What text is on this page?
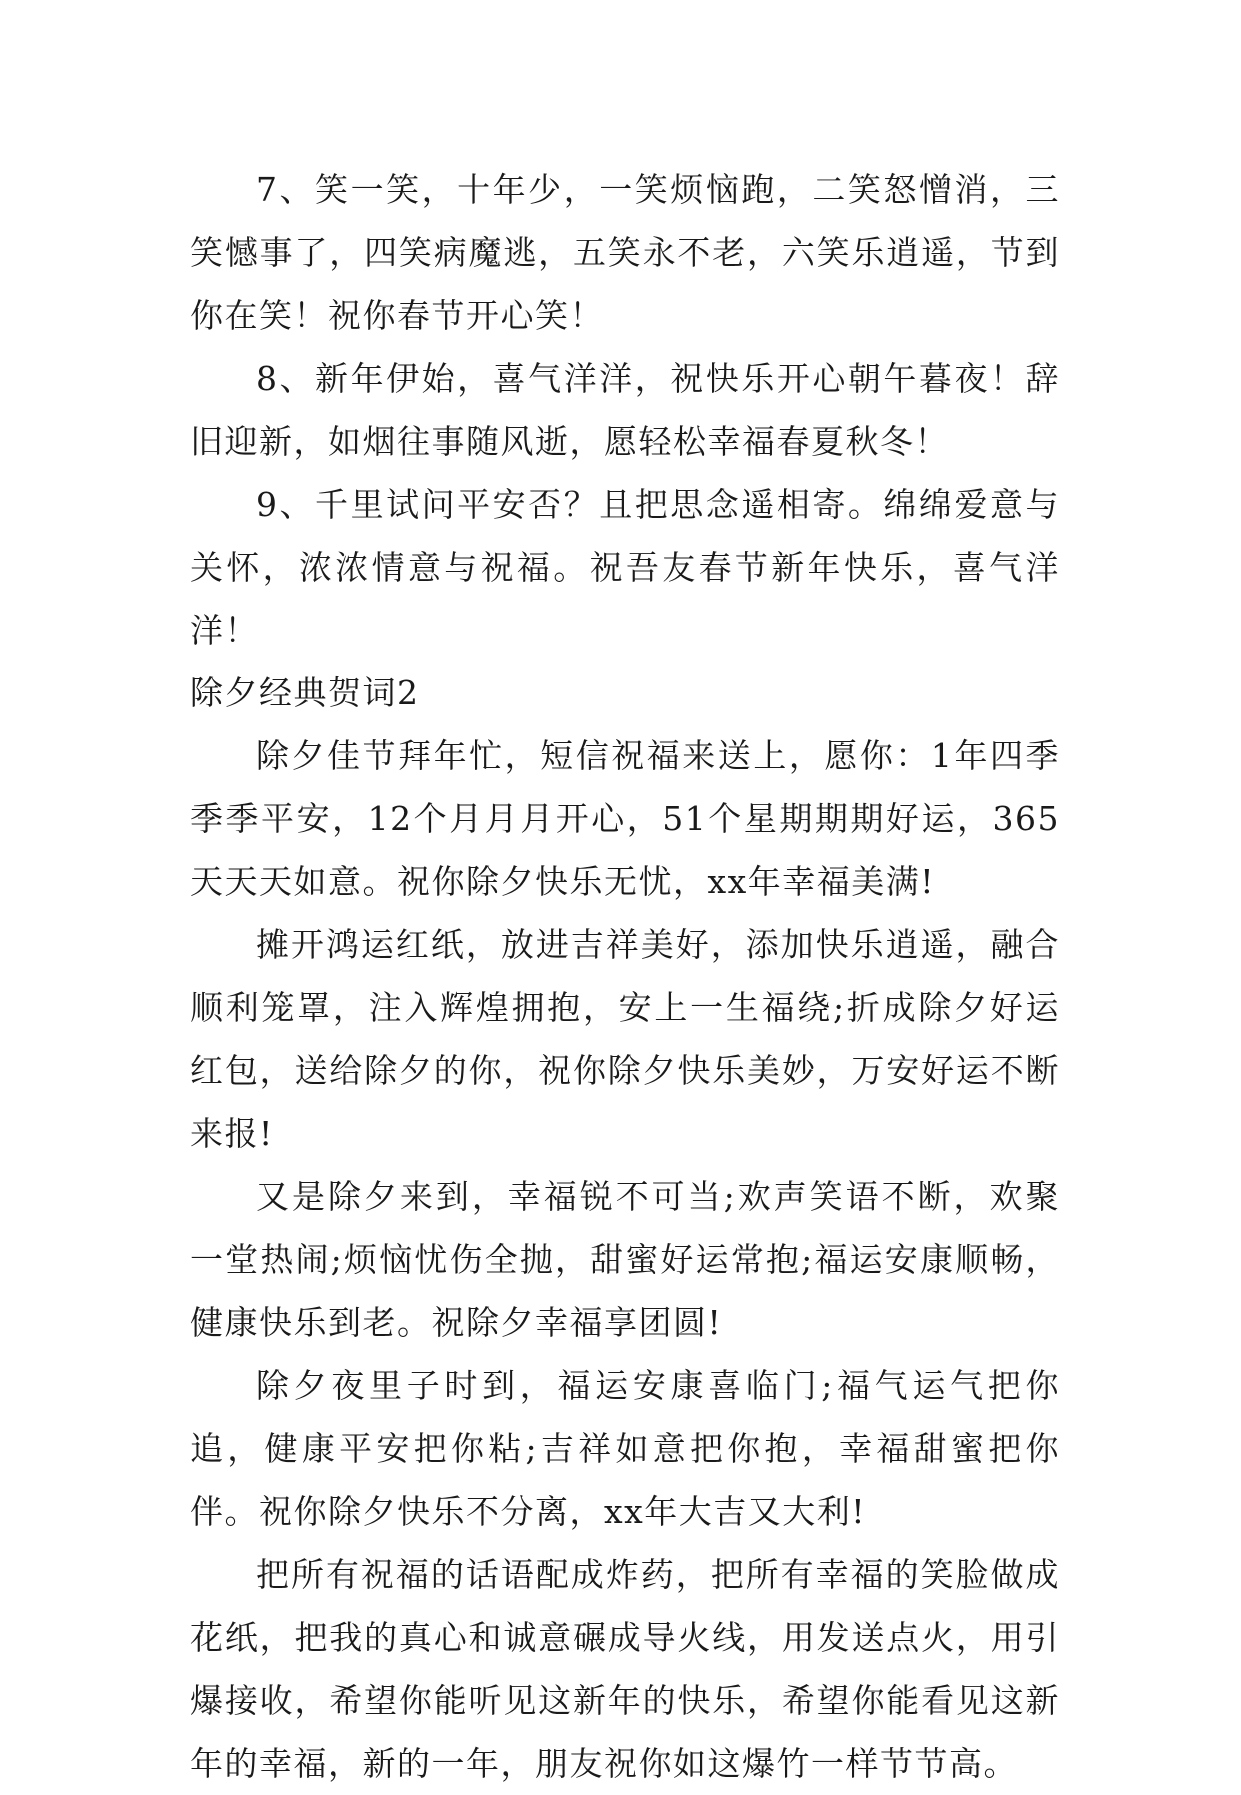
7、笑一笑，十年少，一笑烦恼跑，二笑怒憎消，三笑憾事了，四笑病魔逃，五笑永不老，六笑乐逍遥，节到你在笑！祝你春节开心笑！

8、新年伊始，喜气洋洋，祝快乐开心朝午暮夜！辞旧迎新，如烟往事随风逝，愿轻松幸福春夏秋冬！

9、千里试问平安否？且把思念遥相寄。绵绵爱意与关怀，浓浓情意与祝福。祝吾友春节新年快乐，喜气洋洋！

除夕经典贺词2

除夕佳节拜年忙，短信祝福来送上，愿你：1年四季季季平安，12个月月月开心，51个星期期期好运，365天天天如意。祝你除夕快乐无忧，xx年幸福美满!

摊开鸿运红纸，放进吉祥美好，添加快乐逍遥，融合顺利笼罩，注入辉煌拥抱，安上一生福绕;折成除夕好运红包，送给除夕的你，祝你除夕快乐美妙，万安好运不断来报!

又是除夕来到，幸福锐不可当;欢声笑语不断，欢聚一堂热闹;烦恼忧伤全抛，甜蜜好运常抱;福运安康顺畅，健康快乐到老。祝除夕幸福享团圆!

除夕夜里子时到，福运安康喜临门;福气运气把你追，健康平安把你粘;吉祥如意把你抱，幸福甜蜜把你伴。祝你除夕快乐不分离，xx年大吉又大利!

把所有祝福的话语配成炸药，把所有幸福的笑脸做成花纸，把我的真心和诚意碾成导火线，用发送点火，用引爆接收，希望你能听见这新年的快乐，希望你能看见这新年的幸福，新的一年，朋友祝你如这爆竹一样节节高。
